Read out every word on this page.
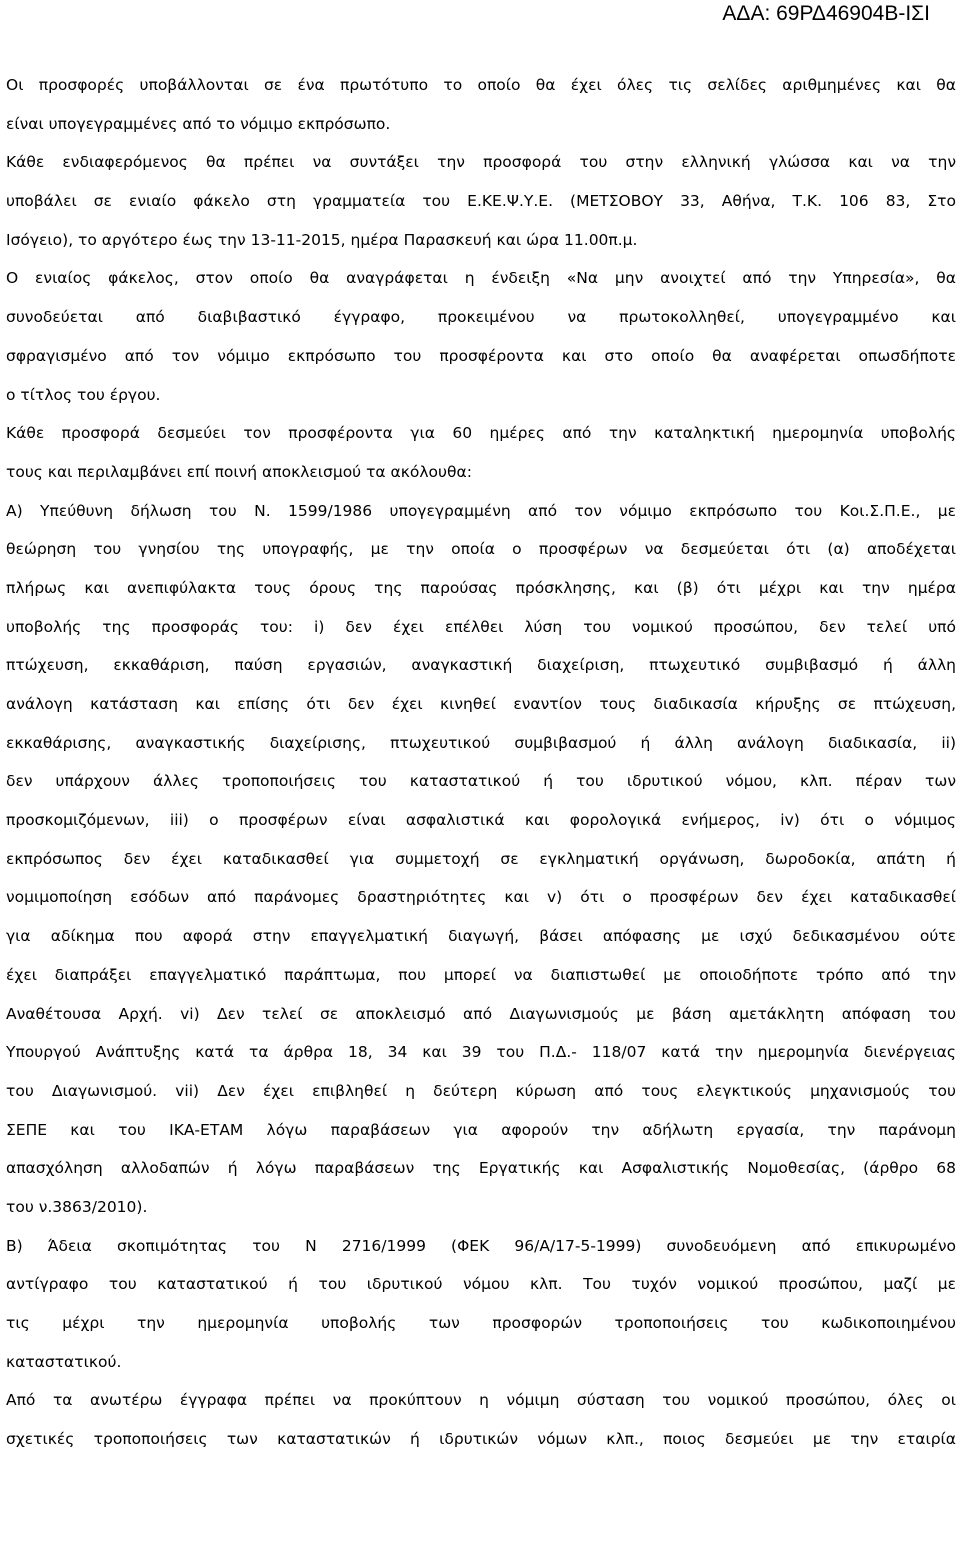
ΑΔΑ: 69ΡΔ46904Β-ΙΣΙ
Οι προσφορές υποβάλλονται σε ένα πρωτότυπο το οποίο θα έχει όλες τις σελίδες αριθμημένες και θα
είναι υπογεγραμμένες από το νόμιμο εκπρόσωπο.
Κάθε ενδιαφερόμενος θα πρέπει να συντάξει την προσφορά του στην ελληνική γλώσσα και να την
υποβάλει σε ενιαίο φάκελο στη γραμματεία του Ε.ΚΕ.Ψ.Υ.Ε. (ΜΕΤΣΟΒΟΥ 33, Αθήνα, Τ.Κ. 106 83, Στο
Ισόγειο), το αργότερο έως την 13-11-2015, ημέρα Παρασκευή και ώρα 11.00π.μ.
Ο ενιαίος φάκελος, στον οποίο θα αναγράφεται η ένδειξη «Να μην ανοιχτεί από την Υπηρεσία», θα
συνοδεύεται από διαβιβαστικό έγγραφο, προκειμένου να πρωτοκολληθεί, υπογεγραμμένο και
σφραγισμένο από τον νόμιμο εκπρόσωπο του προσφέροντα και στο οποίο θα αναφέρεται οπωσδήποτε
ο τίτλος του έργου.
Κάθε προσφορά δεσμεύει τον προσφέροντα για 60 ημέρες από την καταληκτική ημερομηνία υποβολής
τους και περιλαμβάνει επί ποινή αποκλεισμού τα ακόλουθα:
Α) Υπεύθυνη δήλωση του Ν. 1599/1986 υπογεγραμμένη από τον νόμιμο εκπρόσωπο του Κοι.Σ.Π.Ε., με
θεώρηση του γνησίου της υπογραφής, με την οποία ο προσφέρων να δεσμεύεται ότι (α) αποδέχεται
πλήρως και ανεπιφύλακτα τους όρους της παρούσας πρόσκλησης, και (β) ότι μέχρι και την ημέρα
υποβολής της προσφοράς του: i) δεν έχει επέλθει λύση του νομικού προσώπου, δεν τελεί υπό
πτώχευση, εκκαθάριση, παύση εργασιών, αναγκαστική διαχείριση, πτωχευτικό συμβιβασμό ή άλλη
ανάλογη κατάσταση και επίσης ότι δεν έχει κινηθεί εναντίον τους διαδικασία κήρυξης σε πτώχευση,
εκκαθάρισης, αναγκαστικής διαχείρισης, πτωχευτικού συμβιβασμού ή άλλη ανάλογη διαδικασία, ii)
δεν υπάρχουν άλλες τροποποιήσεις του καταστατικού ή του ιδρυτικού νόμου, κλπ. πέραν των
προσκομιζόμενων, iii) ο προσφέρων είναι ασφαλιστικά και φορολογικά ενήμερος, iv) ότι ο νόμιμος
εκπρόσωπος δεν έχει καταδικασθεί για συμμετοχή σε εγκληματική οργάνωση, δωροδοκία, απάτη ή
νομιμοποίηση εσόδων από παράνομες δραστηριότητες και v) ότι ο προσφέρων δεν έχει καταδικασθεί
για αδίκημα που αφορά στην επαγγελματική διαγωγή, βάσει απόφασης με ισχύ δεδικασμένου ούτε
έχει διαπράξει επαγγελματικό παράπτωμα, που μπορεί να διαπιστωθεί με οποιοδήποτε τρόπο από την
Αναθέτουσα Αρχή. vi) Δεν τελεί σε αποκλεισμό από Διαγωνισμούς με βάση αμετάκλητη απόφαση του
Υπουργού Ανάπτυξης κατά τα άρθρα 18, 34 και 39 του Π.Δ.- 118/07 κατά την ημερομηνία διενέργειας
του Διαγωνισμού. vii) Δεν έχει επιβληθεί η δεύτερη κύρωση από τους ελεγκτικούς μηχανισμούς του
ΣΕΠΕ και του ΙΚΑ-ΕΤΑΜ λόγω παραβάσεων για αφορούν την αδήλωτη εργασία, την παράνομη
απασχόληση αλλοδαπών ή λόγω παραβάσεων της Εργατικής και Ασφαλιστικής Νομοθεσίας, (άρθρο 68
του ν.3863/2010).
Β) Άδεια σκοπιμότητας του Ν 2716/1999 (ΦΕΚ 96/Α/17-5-1999) συνοδευόμενη από επικυρωμένο
αντίγραφο του καταστατικού ή του ιδρυτικού νόμου κλπ. Του τυχόν νομικού προσώπου, μαζί με
τις μέχρι την ημερομηνία υποβολής των προσφορών τροποποιήσεις του κωδικοποιημένου
καταστατικού.
Από τα ανωτέρω έγγραφα πρέπει να προκύπτουν η νόμιμη σύσταση του νομικού προσώπου, όλες οι
σχετικές τροποποιήσεις των καταστατικών ή ιδρυτικών νόμων κλπ., ποιος δεσμεύει με την εταιρία
